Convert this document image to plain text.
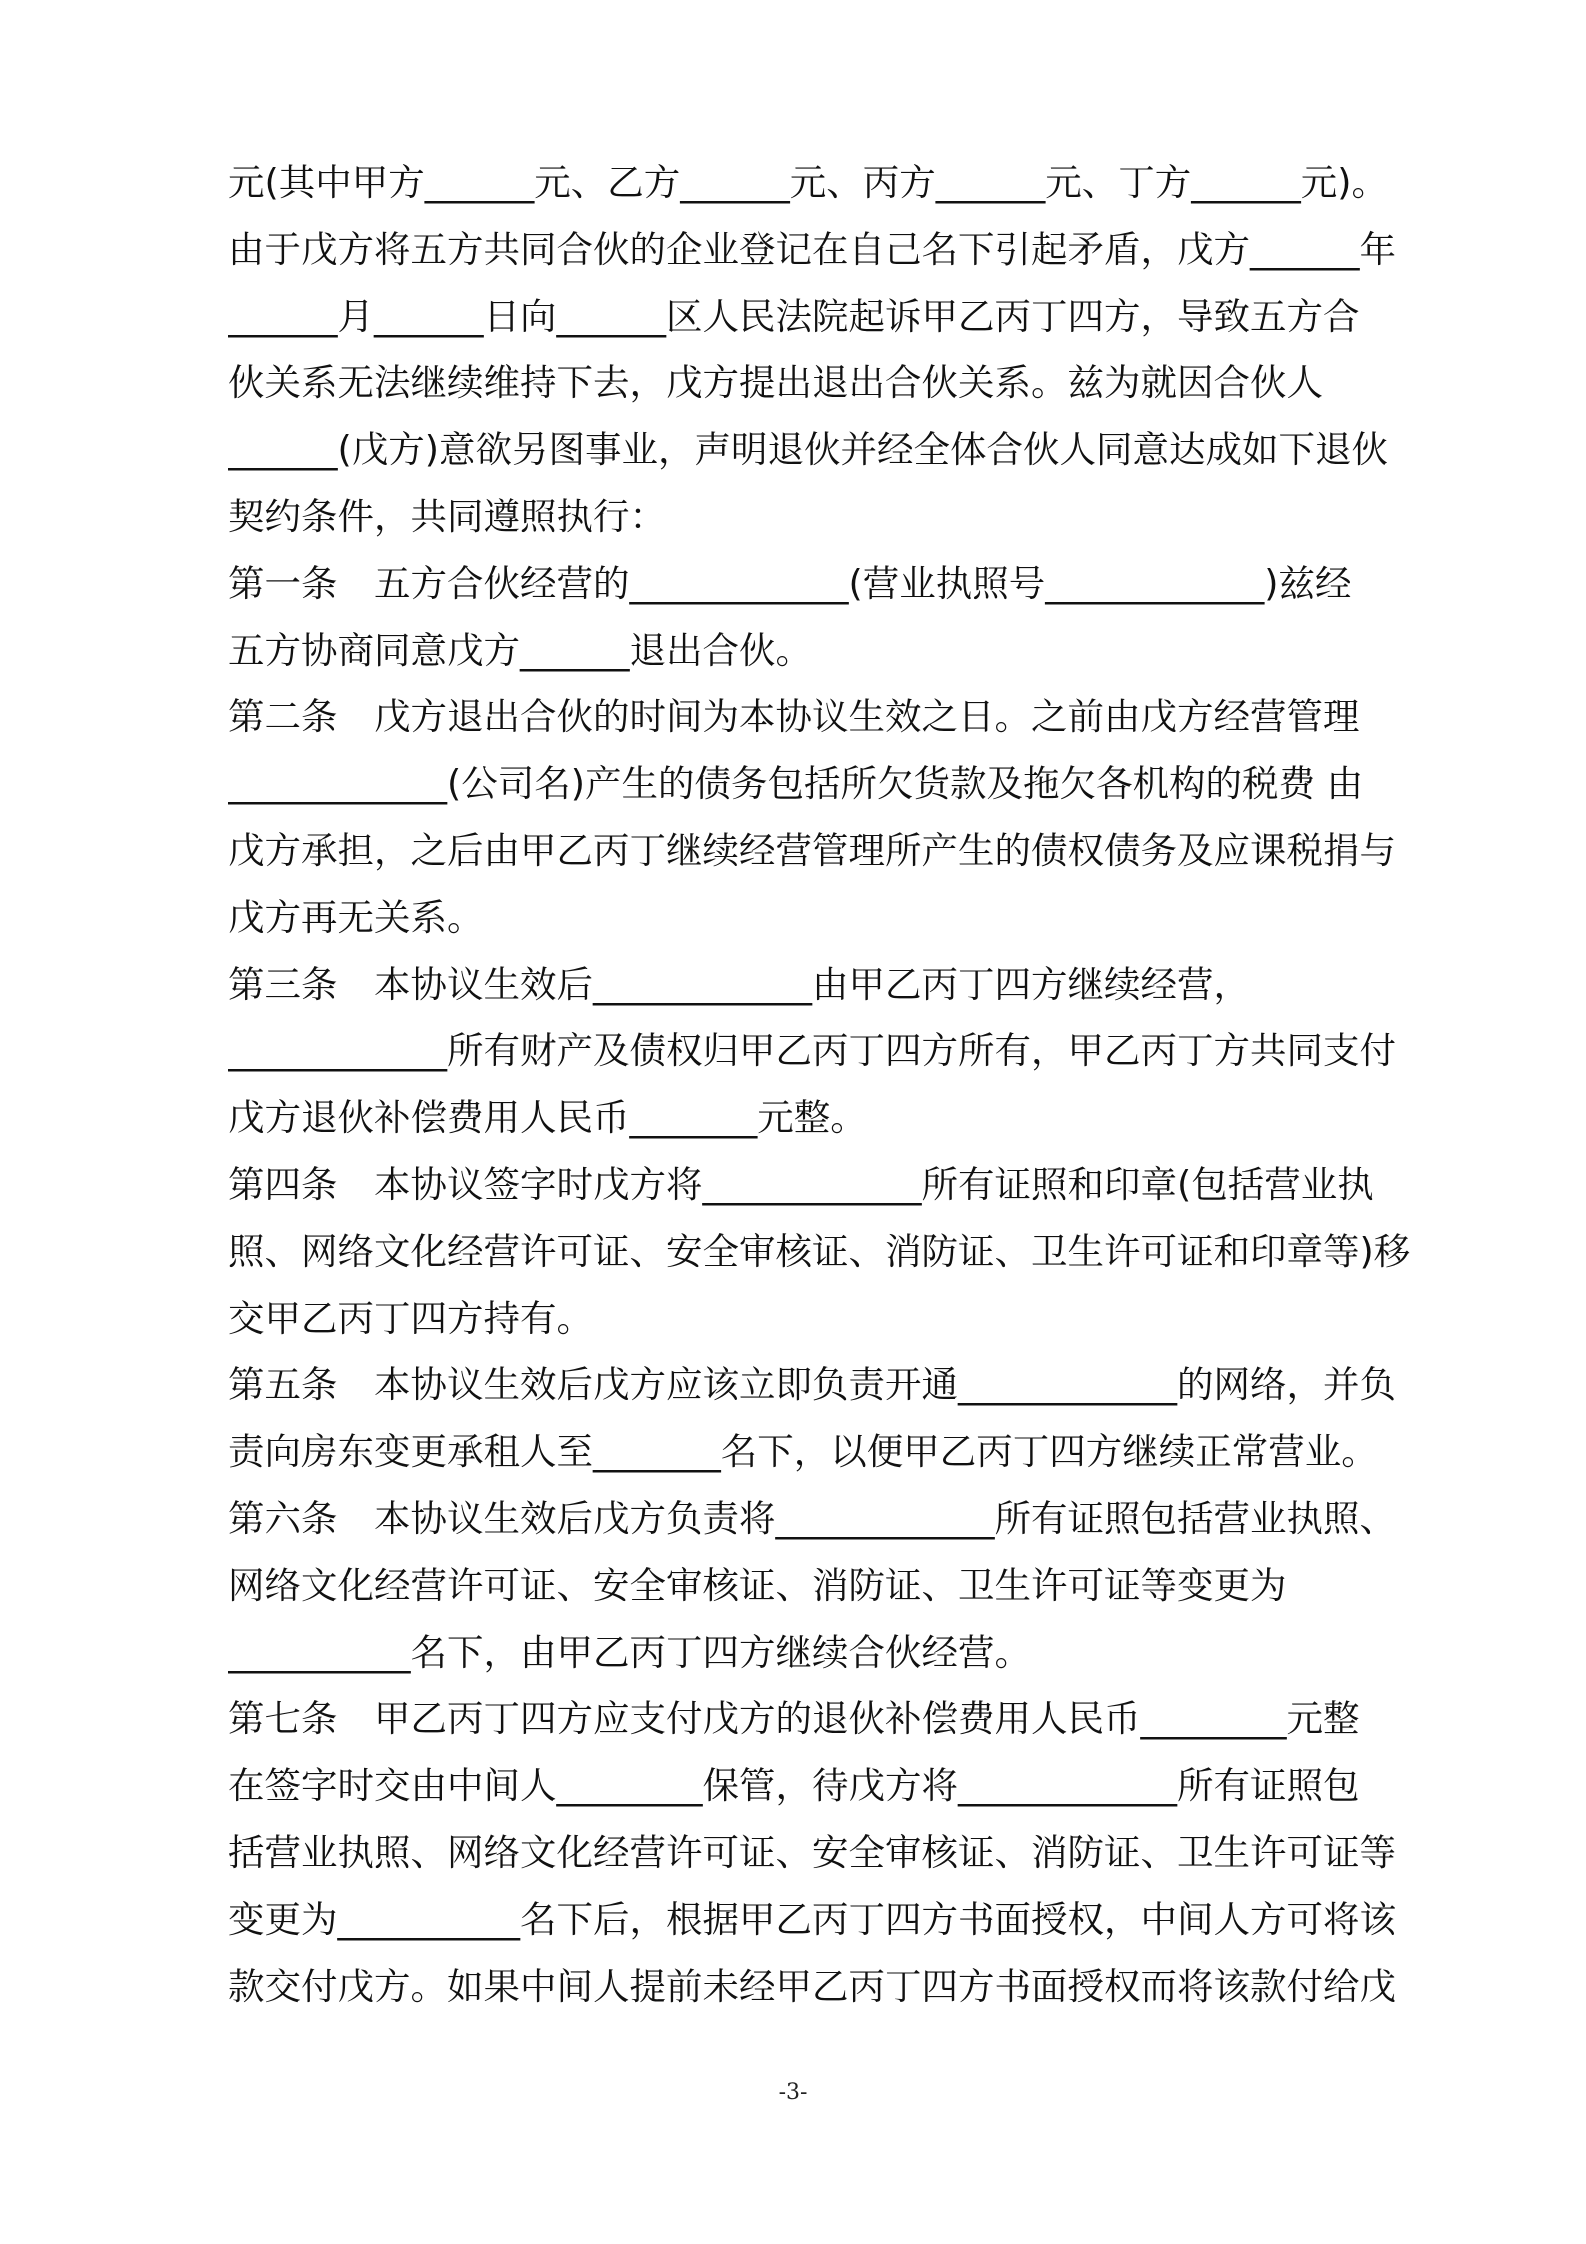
元(其中甲方______元、乙方______元、丙方______元、丁方______元)。
由于戊方将五方共同合伙的企业登记在自己名下引起矛盾，戊方______年
______月______日向______区人民法院起诉甲乙丙丁四方，导致五方合
伙关系无法继续维持下去，戊方提出退出合伙关系。兹为就因合伙人
______(戊方)意欲另图事业，声明退伙并经全体合伙人同意达成如下退伙
契约条件，共同遵照执行：
第一条　五方合伙经营的____________(营业执照号____________)兹经
五方协商同意戊方______退出合伙。
第二条　戊方退出合伙的时间为本协议生效之日。之前由戊方经营管理
____________(公司名)产生的债务包括所欠货款及拖欠各机构的税费 由
戊方承担，之后由甲乙丙丁继续经营管理所产生的债权债务及应课税捐与
戊方再无关系。
第三条　本协议生效后____________由甲乙丙丁四方继续经营，
____________所有财产及债权归甲乙丙丁四方所有，甲乙丙丁方共同支付
戊方退伙补偿费用人民币_______元整。
第四条　本协议签字时戊方将____________所有证照和印章(包括营业执
照、网络文化经营许可证、安全审核证、消防证、卫生许可证和印章等)移
交甲乙丙丁四方持有。
第五条　本协议生效后戊方应该立即负责开通____________的网络，并负
责向房东变更承租人至_______名下，以便甲乙丙丁四方继续正常营业。
第六条　本协议生效后戊方负责将____________所有证照包括营业执照、
网络文化经营许可证、安全审核证、消防证、卫生许可证等变更为
__________名下，由甲乙丙丁四方继续合伙经营。
第七条　甲乙丙丁四方应支付戊方的退伙补偿费用人民币________元整
在签字时交由中间人________保管，待戊方将____________所有证照包
括营业执照、网络文化经营许可证、安全审核证、消防证、卫生许可证等
变更为__________名下后，根据甲乙丙丁四方书面授权，中间人方可将该
款交付戊方。如果中间人提前未经甲乙丙丁四方书面授权而将该款付给戊
-3-
